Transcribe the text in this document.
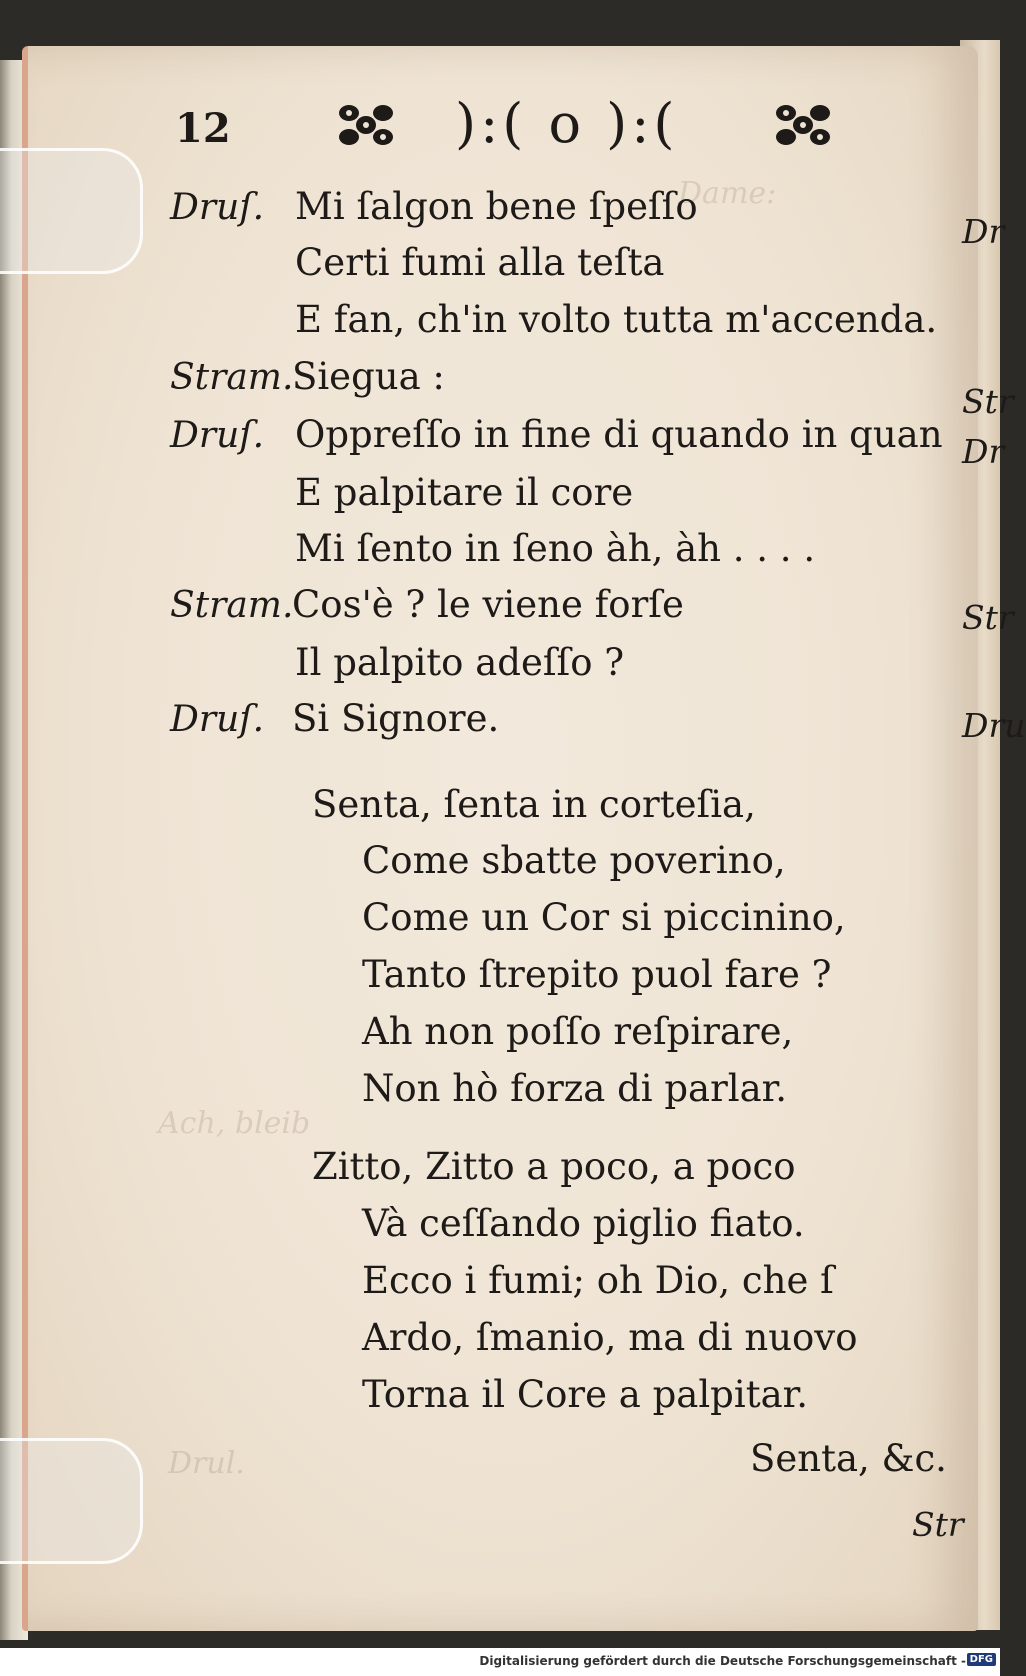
Dame:
Ach, bleib
Drul.
12	):( o ):(
Druſ. Mi ſalgon bene ſpeſſo
Certi fumi alla teſta
E fan, ch'in volto tutta m'accenda.
Stram.
Siegua :
Druſ. Oppreſſo in fine di quando in quan
E palpitare il core
Mi ſento in ſeno àh, àh . . . .
Stram.
Cos'è ? le viene forſe
Il palpito adeſſo ?
Druſ. Si Signore.
Senta, ſenta in corteſia,
Come sbatte poverino,
Come un Cor si piccinino,
Tanto ſtrepito puol fare ?
Ah non poſſo reſpirare,
Non hò forza di parlar.
Zitto, Zitto a poco, a poco
Và ceſſando piglio fiato.
Ecco i fumi; oh Dio, che ſ
Ardo, ſmanio, ma di nuovo
Torna il Core a palpitar.
Senta, &c.
Str
Dr
Str
Dr
Str
Dru
Digitalisierung gefördert durch die Deutsche Forschungsgemeinschaft - DFG
